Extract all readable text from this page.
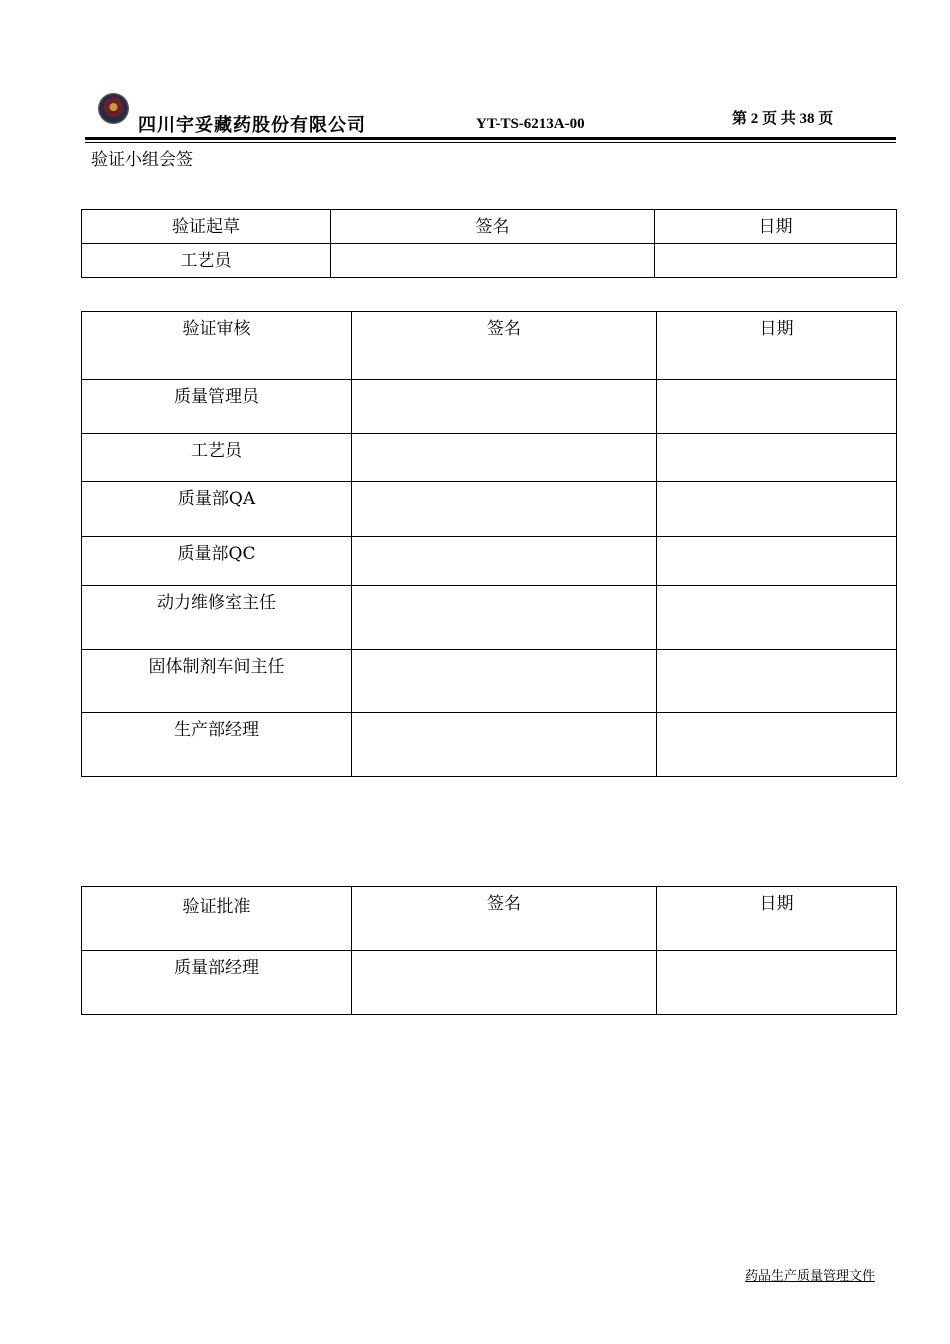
四川宇妥藏药股份有限公司	YT-TS-6213A-00	第 2 页 共 38 页
验证小组会签
验证起草	签名	日期
工艺员		
验证审核	签名	日期
质量管理员		
工艺员		
质量部QA		
质量部QC		
动力维修室主任		
固体制剂车间主任		
生产部经理		
验证批准	签名	日期
质量部经理		
药品生产质量管理文件
